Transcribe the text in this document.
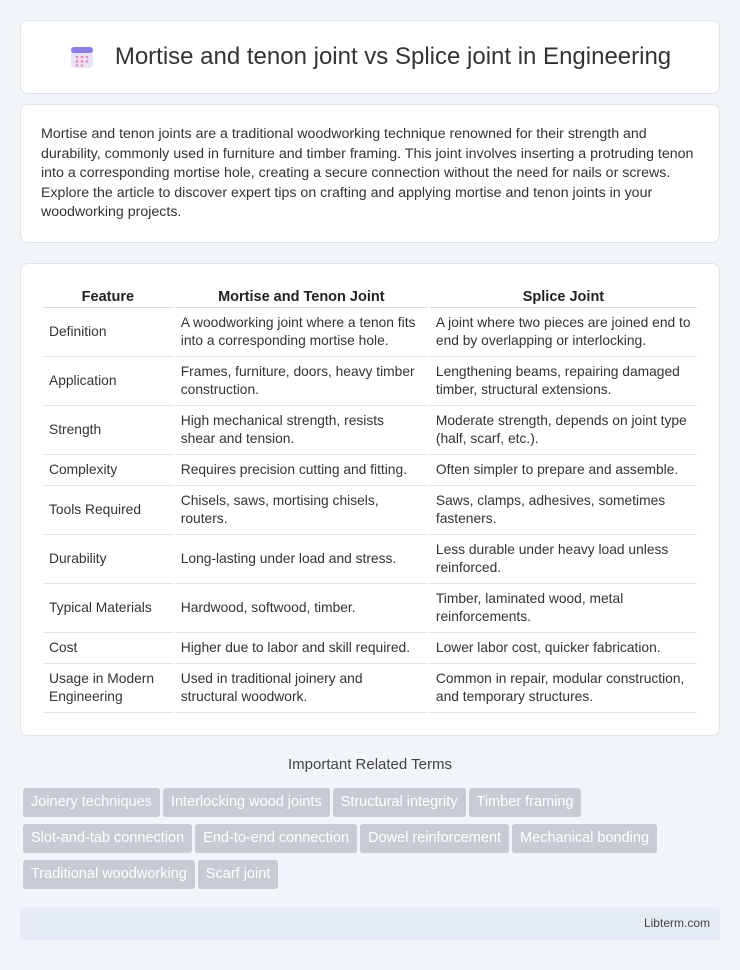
Mortise and tenon joint vs Splice joint in Engineering

Mortise and tenon joints are a traditional woodworking technique renowned for their strength and durability, commonly used in furniture and timber framing. This joint involves inserting a protruding tenon into a corresponding mortise hole, creating a secure connection without the need for nails or screws. Explore the article to discover expert tips on crafting and applying mortise and tenon joints in your woodworking projects.

Feature	Mortise and Tenon Joint	Splice Joint
Definition	A woodworking joint where a tenon fits into a corresponding mortise hole.	A joint where two pieces are joined end to end by overlapping or interlocking.
Application	Frames, furniture, doors, heavy timber construction.	Lengthening beams, repairing damaged timber, structural extensions.
Strength	High mechanical strength, resists shear and tension.	Moderate strength, depends on joint type (half, scarf, etc.).
Complexity	Requires precision cutting and fitting.	Often simpler to prepare and assemble.
Tools Required	Chisels, saws, mortising chisels, routers.	Saws, clamps, adhesives, sometimes fasteners.
Durability	Long-lasting under load and stress.	Less durable under heavy load unless reinforced.
Typical Materials	Hardwood, softwood, timber.	Timber, laminated wood, metal reinforcements.
Cost	Higher due to labor and skill required.	Lower labor cost, quicker fabrication.
Usage in Modern Engineering	Used in traditional joinery and structural woodwork.	Common in repair, modular construction, and temporary structures.
Important Related Terms
Joinery techniques Interlocking wood joints Structural integrity Timber framingSlot-and-tab connection End-to-end connection Dowel reinforcement Mechanical bondingTraditional woodworking Scarf joint
Libterm.com
